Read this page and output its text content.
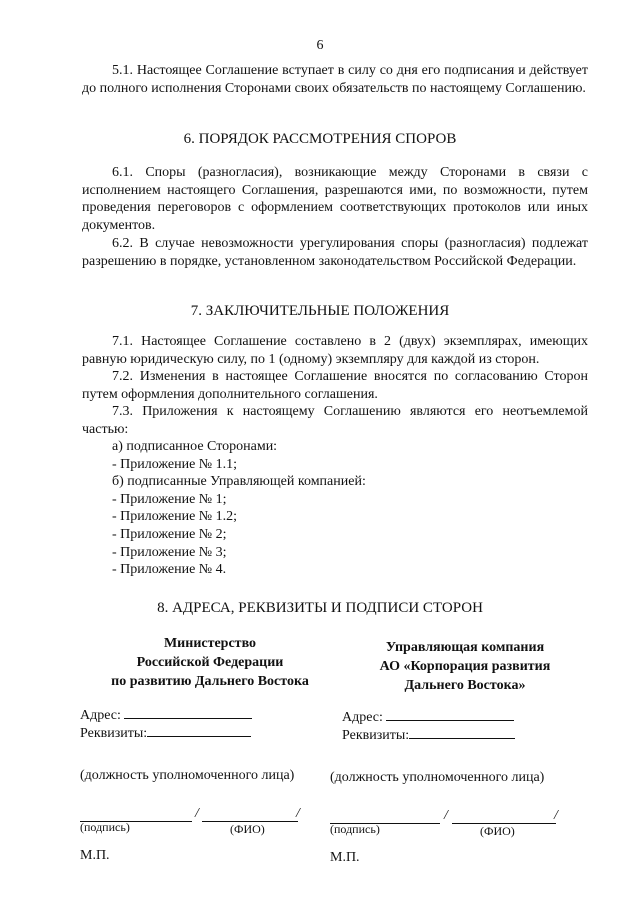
6
5.1. Настоящее Соглашение вступает в силу со дня его подписания и действует до полного исполнения Сторонами своих обязательств по настоящему Соглашению.
6. ПОРЯДОК РАССМОТРЕНИЯ СПОРОВ
6.1. Споры (разногласия), возникающие между Сторонами в связи с исполнением настоящего Соглашения, разрешаются ими, по возможности, путем проведения переговоров с оформлением соответствующих протоколов или иных документов.
6.2. В случае невозможности урегулирования споры (разногласия) подлежат разрешению в порядке, установленном законодательством Российской Федерации.
7. ЗАКЛЮЧИТЕЛЬНЫЕ ПОЛОЖЕНИЯ
7.1. Настоящее Соглашение составлено в 2 (двух) экземплярах, имеющих равную юридическую силу, по 1 (одному) экземпляру для каждой из сторон.
7.2. Изменения в настоящее Соглашение вносятся по согласованию Сторон путем оформления дополнительного соглашения.
7.3. Приложения к настоящему Соглашению являются его неотъемлемой частью:
а) подписанное Сторонами:
- Приложение № 1.1;
б) подписанные Управляющей компанией:
- Приложение № 1;
- Приложение № 1.2;
- Приложение № 2;
- Приложение № 3;
- Приложение № 4.
8. АДРЕСА, РЕКВИЗИТЫ И ПОДПИСИ СТОРОН
Министерство
Российской Федерации
по развитию Дальнего Востока
Управляющая компания
АО «Корпорация развития
Дальнего Востока»
Адрес:
Реквизиты:
Адрес:
Реквизиты:
(должность уполномоченного лица)	(должность уполномоченного лица)
/	/
(подпись)	(ФИО)
/	/
(подпись)	(ФИО)
М.П.	М.П.
